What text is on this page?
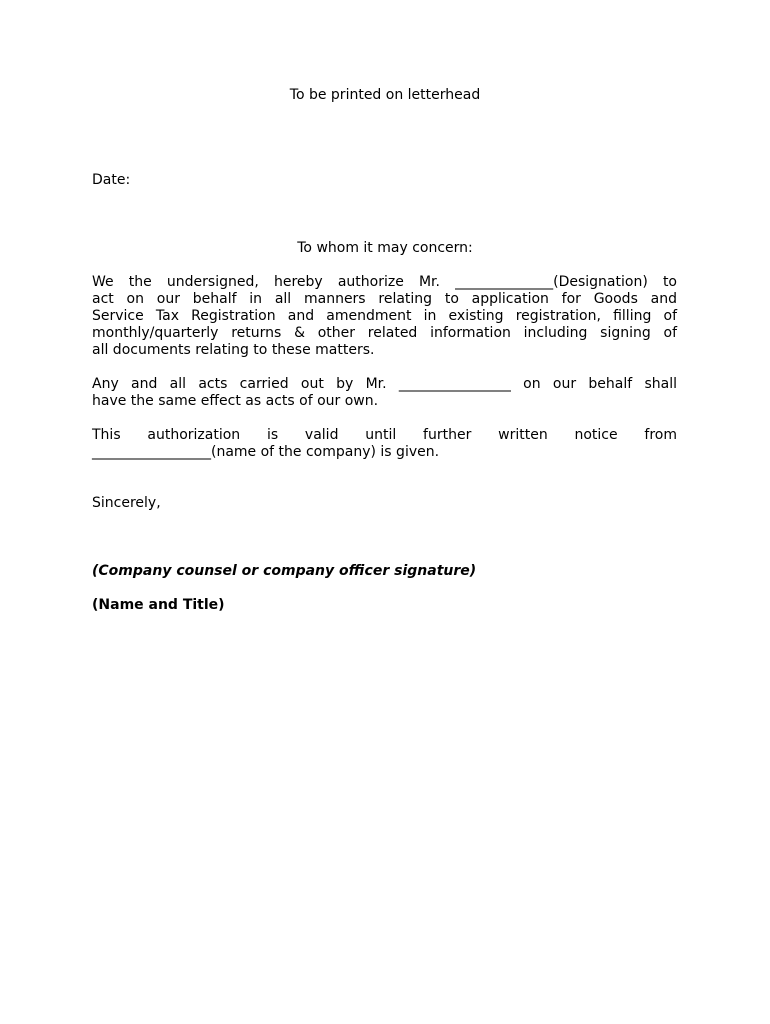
To be printed on letterhead
Date:
To whom it may concern:
We the undersigned, hereby authorize Mr. ______________(Designation) to
act on our behalf in all manners relating to application for Goods and
Service Tax Registration and amendment in existing registration, filling of
monthly/quarterly returns & other related information including signing of
all documents relating to these matters.
Any and all acts carried out by Mr. ________________ on our behalf shall
have the same effect as acts of our own.
This authorization is valid until further written notice from
_________________(name of the company) is given.
Sincerely,
(Company counsel or company officer signature)
(Name and Title)
